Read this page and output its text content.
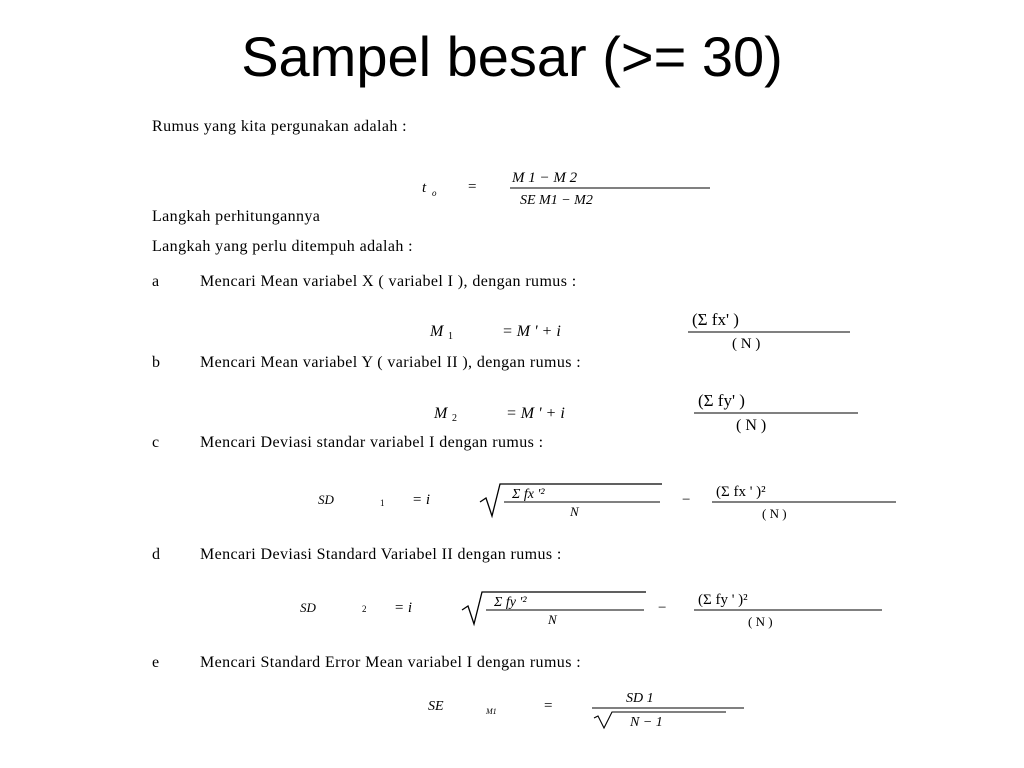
Sampel besar (>= 30)
Rumus yang kita pergunakan adalah :
t o =
M 1 − M 2
SE M1 − M2
Langkah perhitungannya
Langkah yang perlu ditempuh adalah :
a	Mencari Mean variabel X ( variabel I ), dengan rumus :
M 1	= M ' + i
(Σ fx' )
( N )
b	Mencari Mean variabel Y ( variabel II ), dengan rumus :
M 2	= M ' + i
(Σ fy' )
( N )
c	Mencari Deviasi standar variabel I dengan rumus :
SD	1 = i	Σ fx '²
N
− (Σ fx ' )²
( N )
d	Mencari Deviasi Standard Variabel II dengan rumus :
SD	2 = i	Σ fy '²
N
− (Σ fy ' )²
( N )
e	Mencari Standard Error Mean variabel I dengan rumus :
SE	M1	=	SD 1
N − 1
